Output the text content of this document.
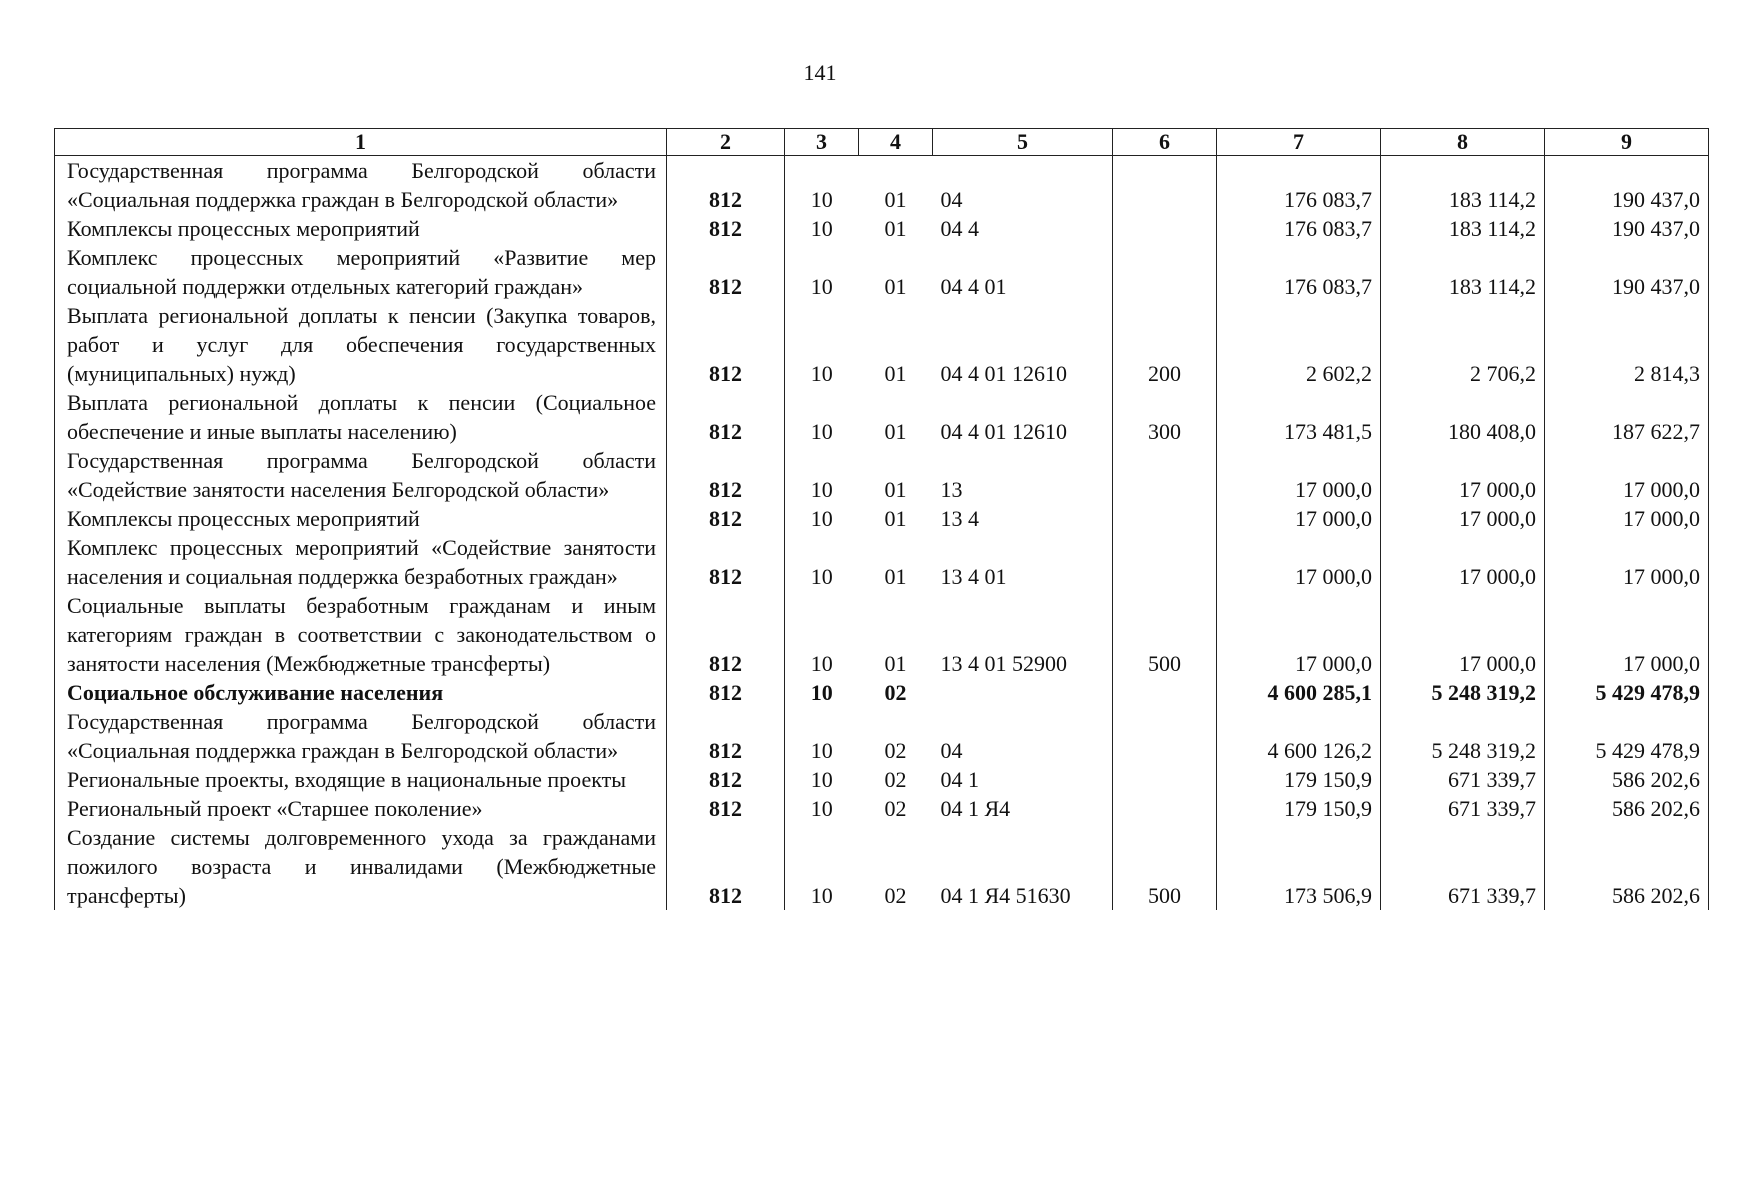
141
1	2	3	4	5	6	7	8	9
Государственная программа Белгородской области «Социальная поддержка граждан в Белгородской области»	812	10	01	04		176 083,7	183 114,2	190 437,0
Комплексы процессных мероприятий	812	10	01	04 4		176 083,7	183 114,2	190 437,0
Комплекс процессных мероприятий «Развитие мер социальной поддержки отдельных категорий граждан»	812	10	01	04 4 01		176 083,7	183 114,2	190 437,0
Выплата региональной доплаты к пенсии (Закупка товаров, работ и услуг для обеспечения государственных (муниципальных) нужд)	812	10	01	04 4 01 12610	200	2 602,2	2 706,2	2 814,3
Выплата региональной доплаты к пенсии (Социальное обеспечение и иные выплаты населению)	812	10	01	04 4 01 12610	300	173 481,5	180 408,0	187 622,7
Государственная программа Белгородской области «Содействие занятости населения Белгородской области»	812	10	01	13		17 000,0	17 000,0	17 000,0
Комплексы процессных мероприятий	812	10	01	13 4		17 000,0	17 000,0	17 000,0
Комплекс процессных мероприятий «Содействие занятости населения и социальная поддержка безработных граждан»	812	10	01	13 4 01		17 000,0	17 000,0	17 000,0
Социальные выплаты безработным гражданам и иным категориям граждан в соответствии с законодательством о занятости населения (Межбюджетные трансферты)	812	10	01	13 4 01 52900	500	17 000,0	17 000,0	17 000,0
Социальное обслуживание населения	812	10	02			4 600 285,1	5 248 319,2	5 429 478,9
Государственная программа Белгородской области «Социальная поддержка граждан в Белгородской области»	812	10	02	04		4 600 126,2	5 248 319,2	5 429 478,9
Региональные проекты, входящие в национальные проекты	812	10	02	04 1		179 150,9	671 339,7	586 202,6
Региональный проект «Старшее поколение»	812	10	02	04 1 Я4		179 150,9	671 339,7	586 202,6
Создание системы долговременного ухода за гражданами пожилого возраста и инвалидами (Межбюджетные трансферты)	812	10	02	04 1 Я4 51630	500	173 506,9	671 339,7	586 202,6
